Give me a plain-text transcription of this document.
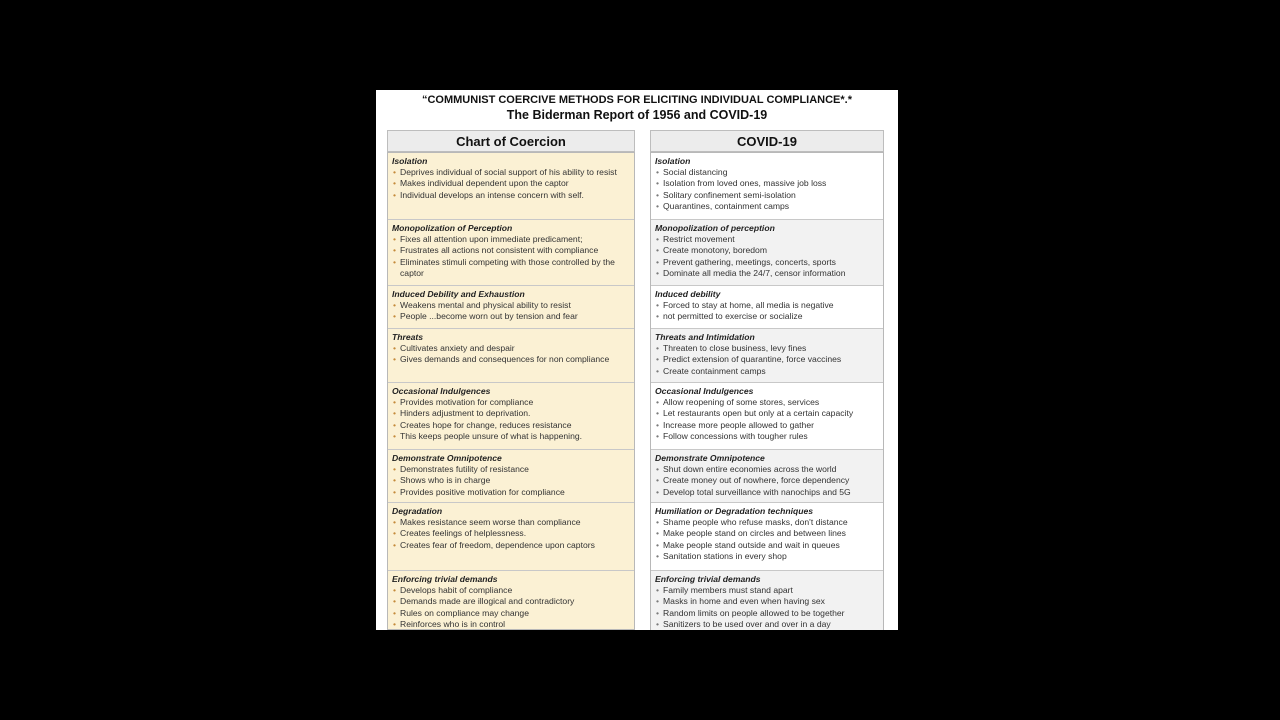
“COMMUNIST COERCIVE METHODS FOR ELICITING INDIVIDUAL COMPLIANCE*.*
The Biderman Report of 1956 and COVID-19
Chart of Coercion	COVID-19
Isolation
• Deprives individual of social support of his ability to resist
• Makes individual dependent upon the captor
• Individual develops an intense concern with self.
Monopolization of Perception
• Fixes all attention upon immediate predicament;
• Frustrates all actions not consistent with compliance
• Eliminates stimuli competing with those controlled by the captor
Induced Debility and Exhaustion
• Weakens mental and physical ability to resist
• People ...become worn out by tension and fear
Threats
• Cultivates anxiety and despair
• Gives demands and consequences for non compliance
Occasional Indulgences
• Provides motivation for compliance
• Hinders adjustment to deprivation.
• Creates hope for change, reduces resistance
• This keeps people unsure of what is happening.
Demonstrate Omnipotence
• Demonstrates futility of resistance
• Shows who is in charge
• Provides positive motivation for compliance
Degradation
• Makes resistance seem worse than compliance
• Creates feelings of helplessness.
• Creates fear of freedom, dependence upon captors
Enforcing trivial demands
• Develops habit of compliance
• Demands made are illogical and contradictory
• Rules on compliance may change
• Reinforces who is in control
Isolation
• Social distancing
• Isolation from loved ones, massive job loss
• Solitary confinement semi-isolation
• Quarantines, containment camps
Monopolization of perception
• Restrict movement
• Create monotony, boredom
• Prevent gathering, meetings, concerts, sports
• Dominate all media the 24/7, censor information
Induced debility
• Forced to stay at home, all media is negative
• not permitted to exercise or socialize
Threats and Intimidation
• Threaten to close business, levy fines
• Predict extension of quarantine, force vaccines
• Create containment camps
Occasional Indulgences
• Allow reopening of some stores, services
• Let restaurants open but only at a certain capacity
• Increase more people allowed to gather
• Follow concessions with tougher rules
Demonstrate Omnipotence
• Shut down entire economies across the world
• Create money out of nowhere, force dependency
• Develop total surveillance with nanochips and 5G
Humiliation or Degradation techniques
• Shame people who refuse masks, don't distance
• Make people stand on circles and between lines
• Make people stand outside and wait in queues
• Sanitation stations in every shop
Enforcing trivial demands
• Family members must stand apart
• Masks in home and even when having sex
• Random limits on people allowed to be together
• Sanitizers to be used over and over in a day
